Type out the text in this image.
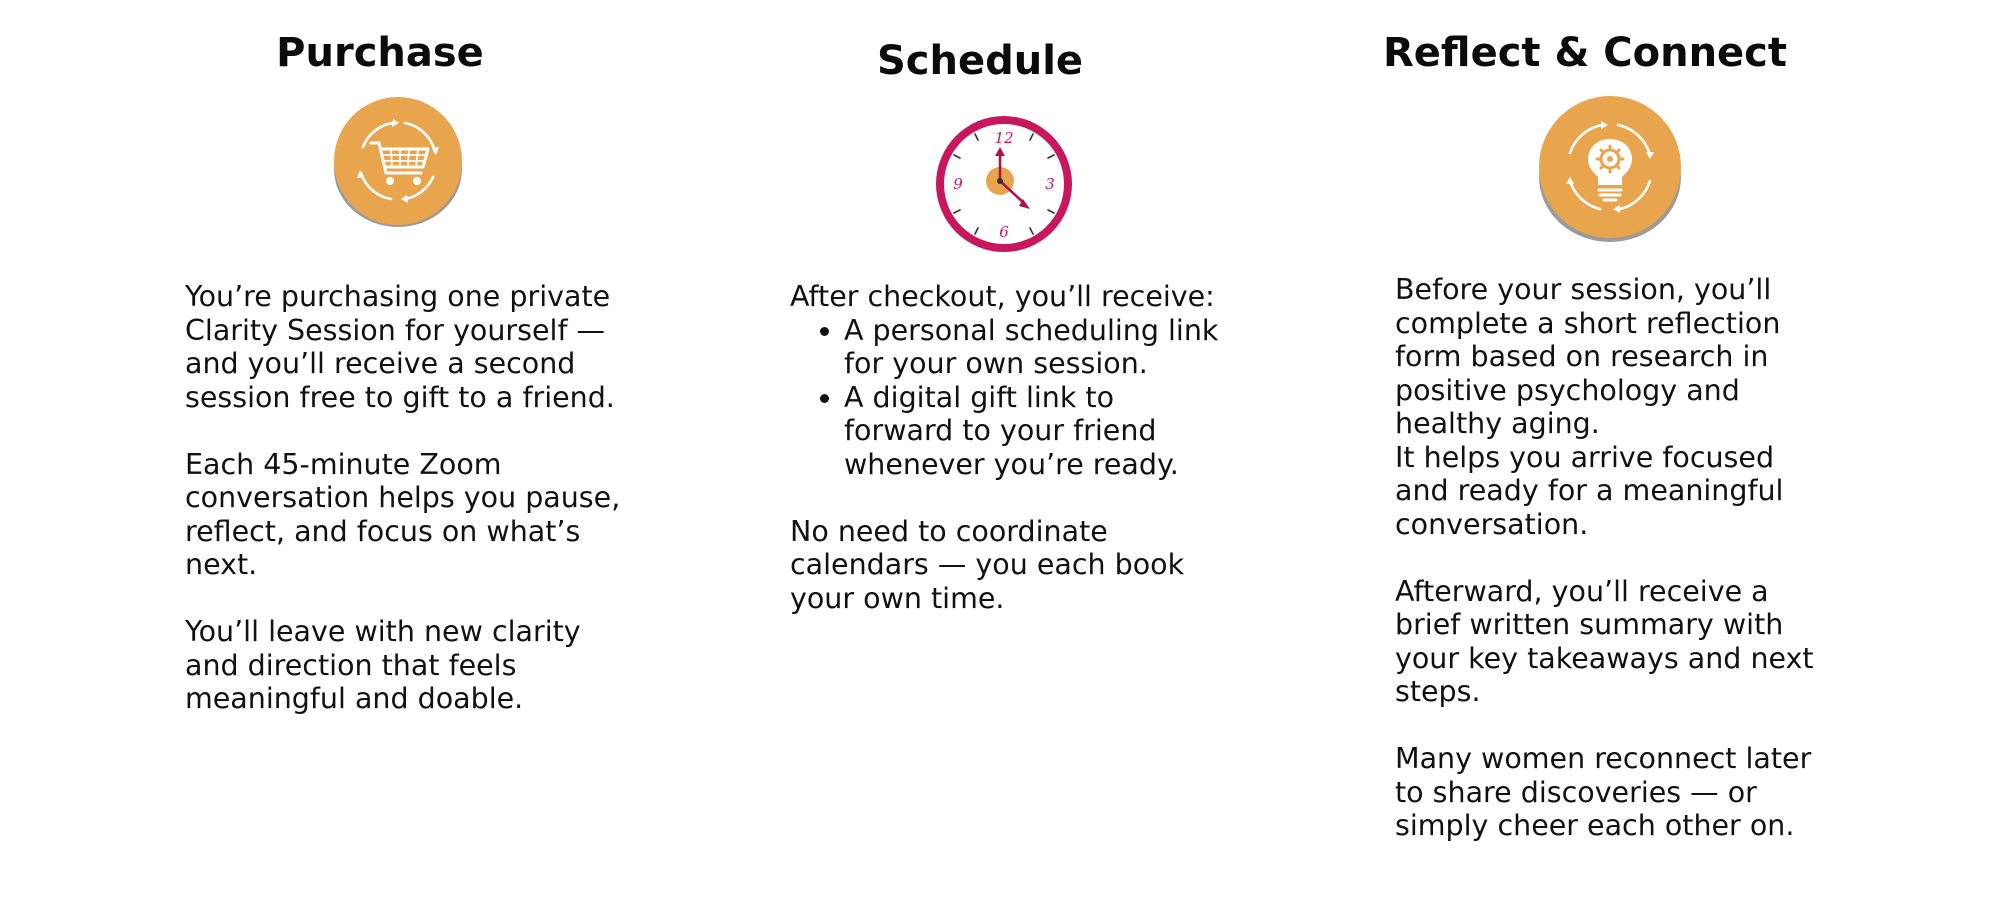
Purchase

You’re purchasing one private Clarity Session for yourself — and you’ll receive a second session free to gift to a friend.

Each 45-minute Zoom conversation helps you pause, reflect, and focus on what’s next.

You’ll leave with new clarity and direction that feels meaningful and doable.

Schedule
12
3
6
9

After checkout, you’ll receive:

• A personal scheduling link for your own session.
• A digital gift link to forward to your friend whenever you’re ready.

No need to coordinate calendars — you each book your own time.

Reflect & Connect

Before your session, you’ll complete a short reflection form based on research in positive psychology and healthy aging.

It helps you arrive focused and ready for a meaningful conversation.

Afterward, you’ll receive a brief written summary with your key takeaways and next steps.

Many women reconnect later to share discoveries — or simply cheer each other on.
